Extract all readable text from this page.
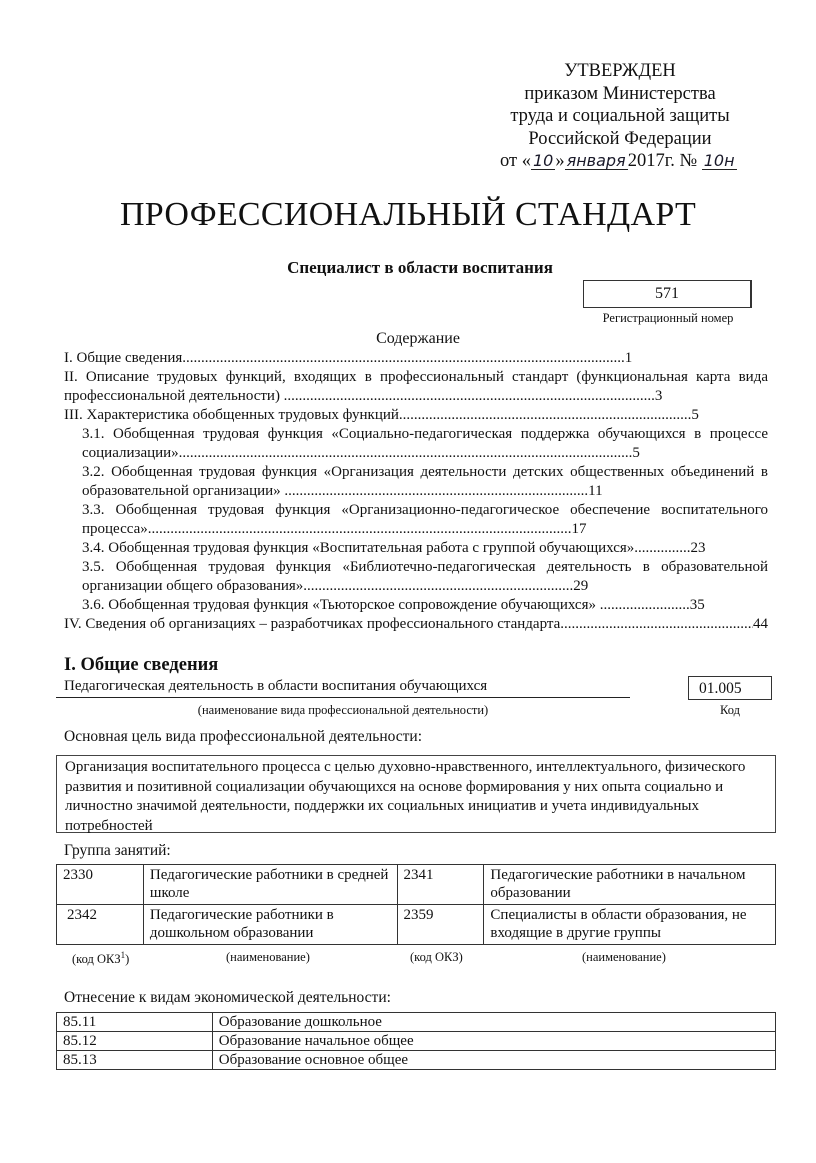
УТВЕРЖДЕН
приказом Министерства
труда и социальной защиты
Российской Федерации
от « 10 » января 2017г. № 10н
ПРОФЕССИОНАЛЬНЫЙ СТАНДАРТ
Специалист в области воспитания
571
Регистрационный номер
Содержание
I. Общие сведения......................................................................................................................1
II. Описание трудовых функций, входящих в профессиональный стандарт (функциональная карта вида профессиональной деятельности) ...................................................................................................3
III. Характеристика обобщенных трудовых функций..............................................................................5
3.1. Обобщенная трудовая функция «Социально-педагогическая поддержка обучающихся в процессе социализации».........................................................................................................................5
3.2. Обобщенная трудовая функция «Организация деятельности детских общественных объединений в образовательной организации» .................................................................................11
3.3. Обобщенная трудовая функция «Организационно-педагогическое обеспечение воспитательного процесса».................................................................................................................17
3.4. Обобщенная трудовая функция «Воспитательная работа с группой обучающихся»...............23
3.5. Обобщенная трудовая функция «Библиотечно-педагогическая деятельность в образовательной организации общего образования»........................................................................29
3.6. Обобщенная трудовая функция «Тьюторское сопровождение обучающихся» ........................35
IV. Сведения об организациях – разработчиках профессионального стандарта .....	44
I. Общие сведения
Педагогическая деятельность в области воспитания обучающихся	01.005
(наименование вида профессиональной деятельности)	Код
Основная цель вида профессиональной деятельности:
Организация воспитательного процесса с целью духовно-нравственного, интеллектуального, физического развития и позитивной социализации обучающихся на основе формирования у них опыта социально и личностно значимой деятельности, поддержки их социальных инициатив и учета индивидуальных потребностей
Группа занятий:
2330	Педагогические работники в средней школе	2341	Педагогические работники в начальном образовании
2342	Педагогические работники в дошкольном образовании	2359	Специалисты в области образования, не входящие в другие группы
(код ОКЗ$^1$)	(наименование)	(код ОКЗ)	(наименование)
Отнесение к видам экономической деятельности:
85.11	Образование дошкольное
85.12	Образование начальное общее
85.13	Образование основное общее
